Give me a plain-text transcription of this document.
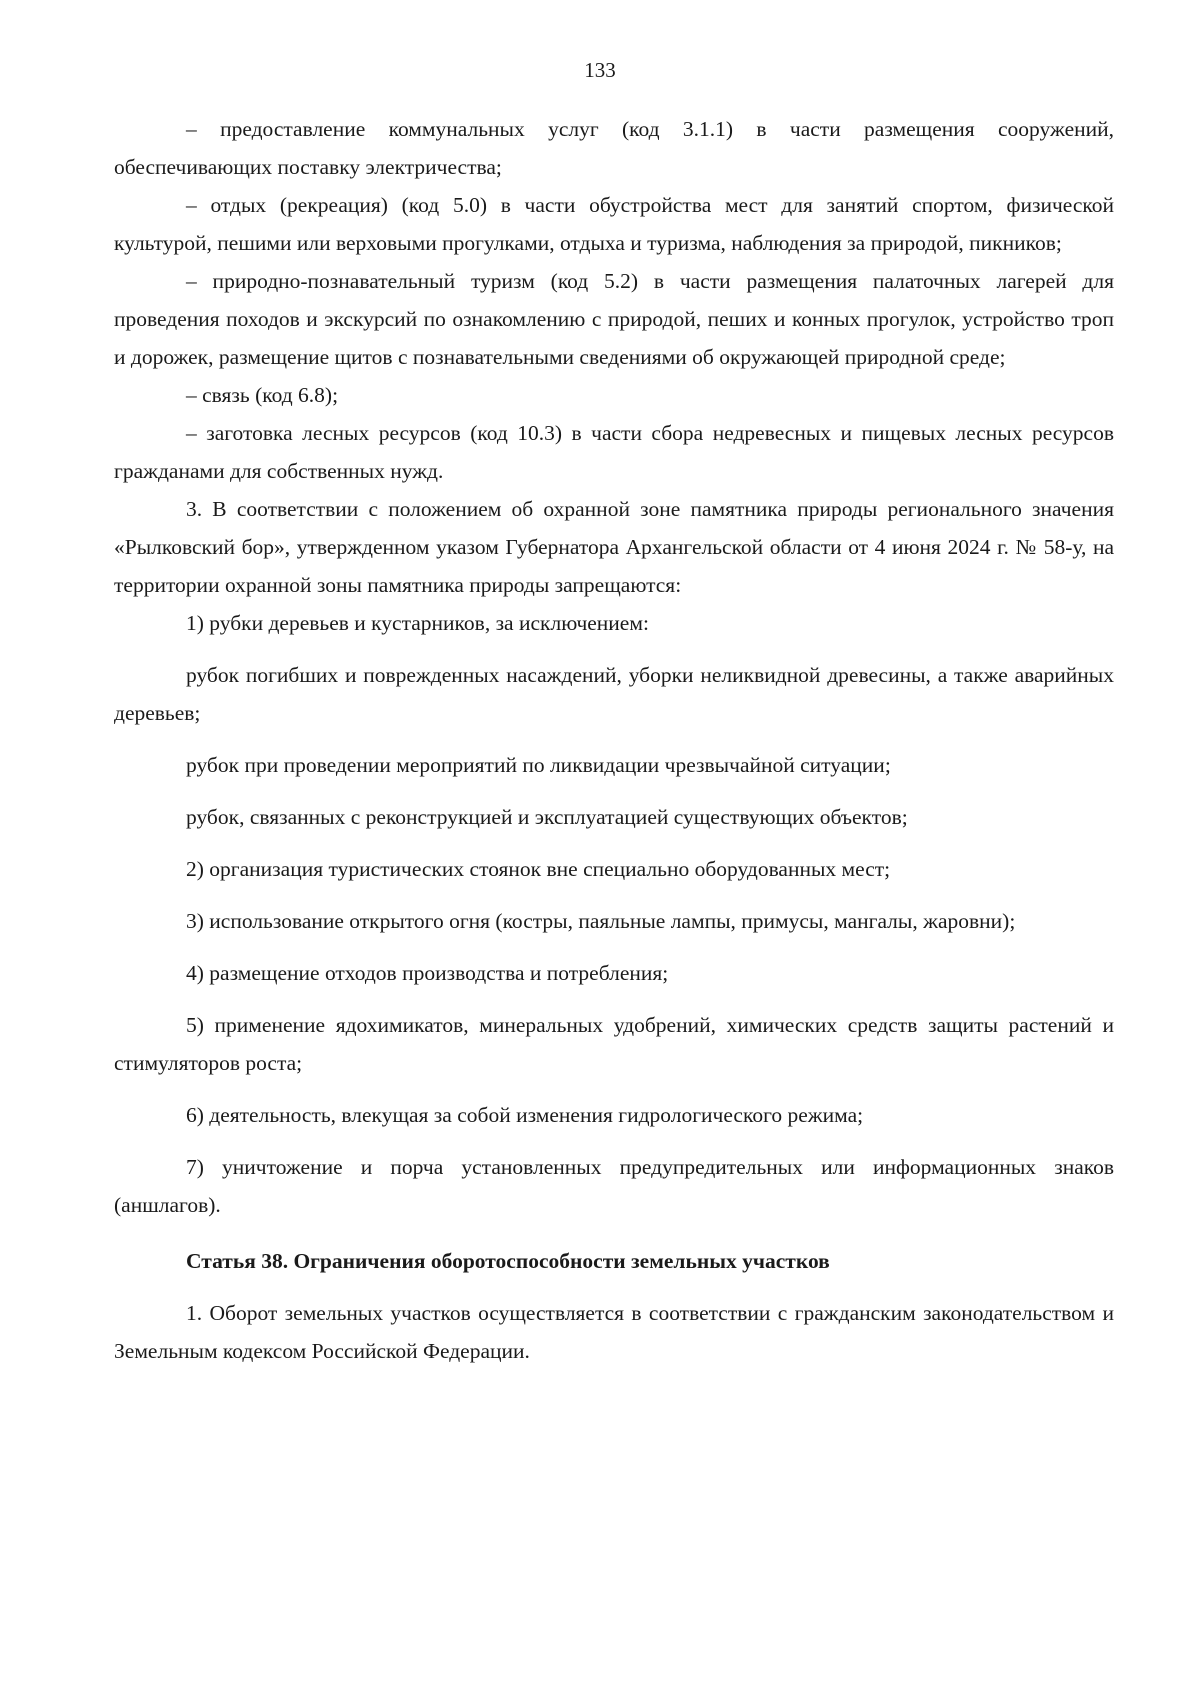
133

– предоставление коммунальных услуг (код 3.1.1) в части размещения сооружений, обеспечивающих поставку электричества;

– отдых (рекреация) (код 5.0) в части обустройства мест для занятий спортом, физической культурой, пешими или верховыми прогулками, отдыха и туризма, наблюдения за природой, пикников;

– природно-познавательный туризм (код 5.2) в части размещения палаточных лагерей для проведения походов и экскурсий по ознакомлению с природой, пеших и конных прогулок, устройство троп и дорожек, размещение щитов с познавательными сведениями об окружающей природной среде;

– связь (код 6.8);

– заготовка лесных ресурсов (код 10.3) в части сбора недревесных и пищевых лесных ресурсов гражданами для собственных нужд.

3. В соответствии с положением об охранной зоне памятника природы регионального значения «Рылковский бор», утвержденном указом Губернатора Архангельской области от 4 июня 2024 г. № 58-у, на территории охранной зоны памятника природы запрещаются:

1) рубки деревьев и кустарников, за исключением:

рубок погибших и поврежденных насаждений, уборки неликвидной древесины, а также аварийных деревьев;

рубок при проведении мероприятий по ликвидации чрезвычайной ситуации;

рубок, связанных с реконструкцией и эксплуатацией существующих объектов;

2) организация туристических стоянок вне специально оборудованных мест;

3) использование открытого огня (костры, паяльные лампы, примусы, мангалы, жаровни);

4) размещение отходов производства и потребления;

5) применение ядохимикатов, минеральных удобрений, химических средств защиты растений и стимуляторов роста;

6) деятельность, влекущая за собой изменения гидрологического режима;

7) уничтожение и порча установленных предупредительных или информационных знаков (аншлагов).

Статья 38. Ограничения оборотоспособности земельных участков

1. Оборот земельных участков осуществляется в соответствии с гражданским законодательством и Земельным кодексом Российской Федерации.
